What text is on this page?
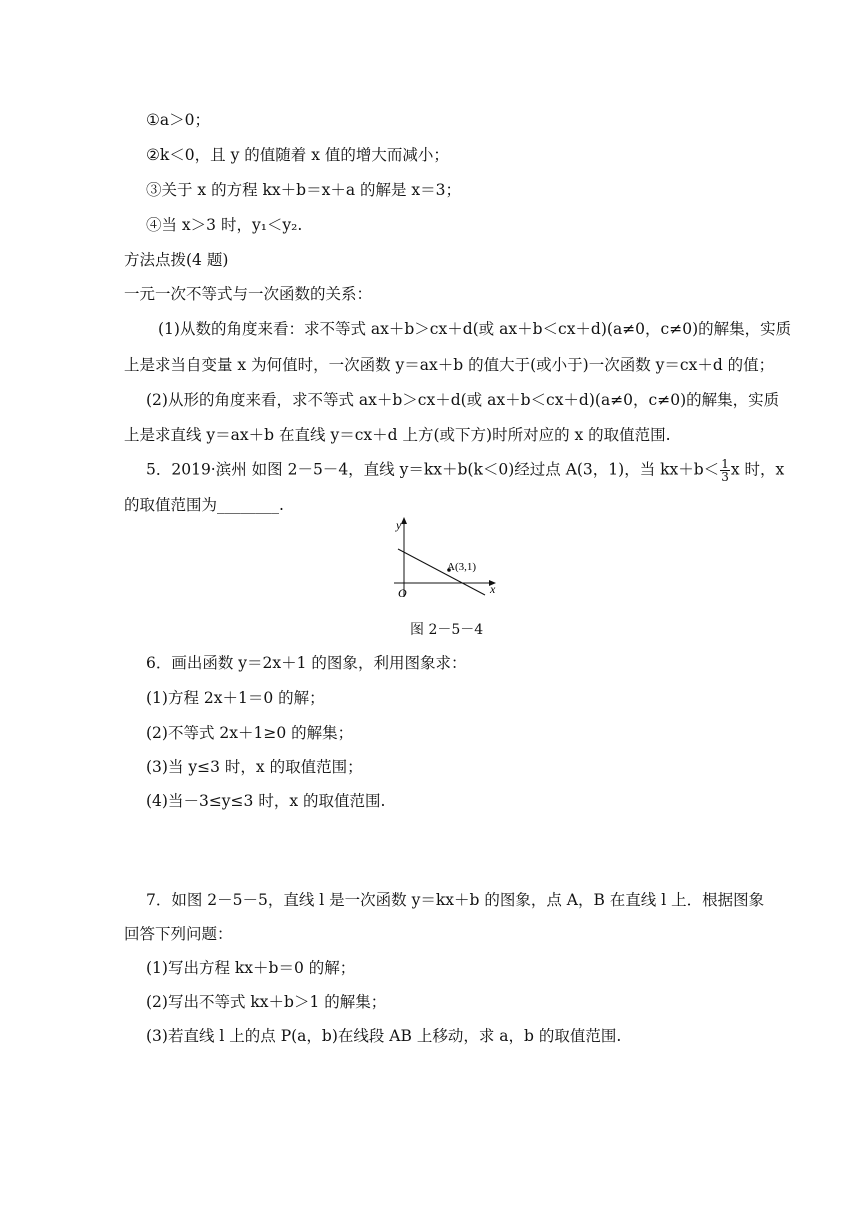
①a＞0；
②k＜0，且 y 的值随着 x 值的增大而减小；
③关于 x 的方程 kx＋b＝x＋a 的解是 x＝3；
④当 x＞3 时，y₁＜y₂.
方法点拨(4 题)
一元一次不等式与一次函数的关系：
(1)从数的角度来看：求不等式 ax＋b＞cx＋d(或 ax＋b＜cx＋d)(a≠0，c≠0)的解集，实质
上是求当自变量 x 为何值时，一次函数 y＝ax＋b 的值大于(或小于)一次函数 y＝cx＋d 的值；
(2)从形的角度来看，求不等式 ax＋b＞cx＋d(或 ax＋b＜cx＋d)(a≠0，c≠0)的解集，实质
上是求直线 y＝ax＋b 在直线 y＝cx＋d 上方(或下方)时所对应的 x 的取值范围.
5．2019·滨州 如图 2－5－4，直线 y＝kx＋b(k＜0)经过点 A(3，1)，当 $kx+b< \frac{1}{3}$ x 时，x
的取值范围为________.
y
x
O
A(3,1)
图 2－5－4
6．画出函数 y＝2x＋1 的图象，利用图象求：
(1)方程 2x＋1＝0 的解；
(2)不等式 2x＋1≥0 的解集；
(3)当 y≤3 时，x 的取值范围；
(4)当－3≤y≤3 时，x 的取值范围.
7．如图 2－5－5，直线 l 是一次函数 y＝kx＋b 的图象，点 A，B 在直线 l 上．根据图象
回答下列问题：
(1)写出方程 kx＋b＝0 的解；
(2)写出不等式 kx＋b＞1 的解集；
(3)若直线 l 上的点 P(a，b)在线段 AB 上移动，求 a，b 的取值范围.
